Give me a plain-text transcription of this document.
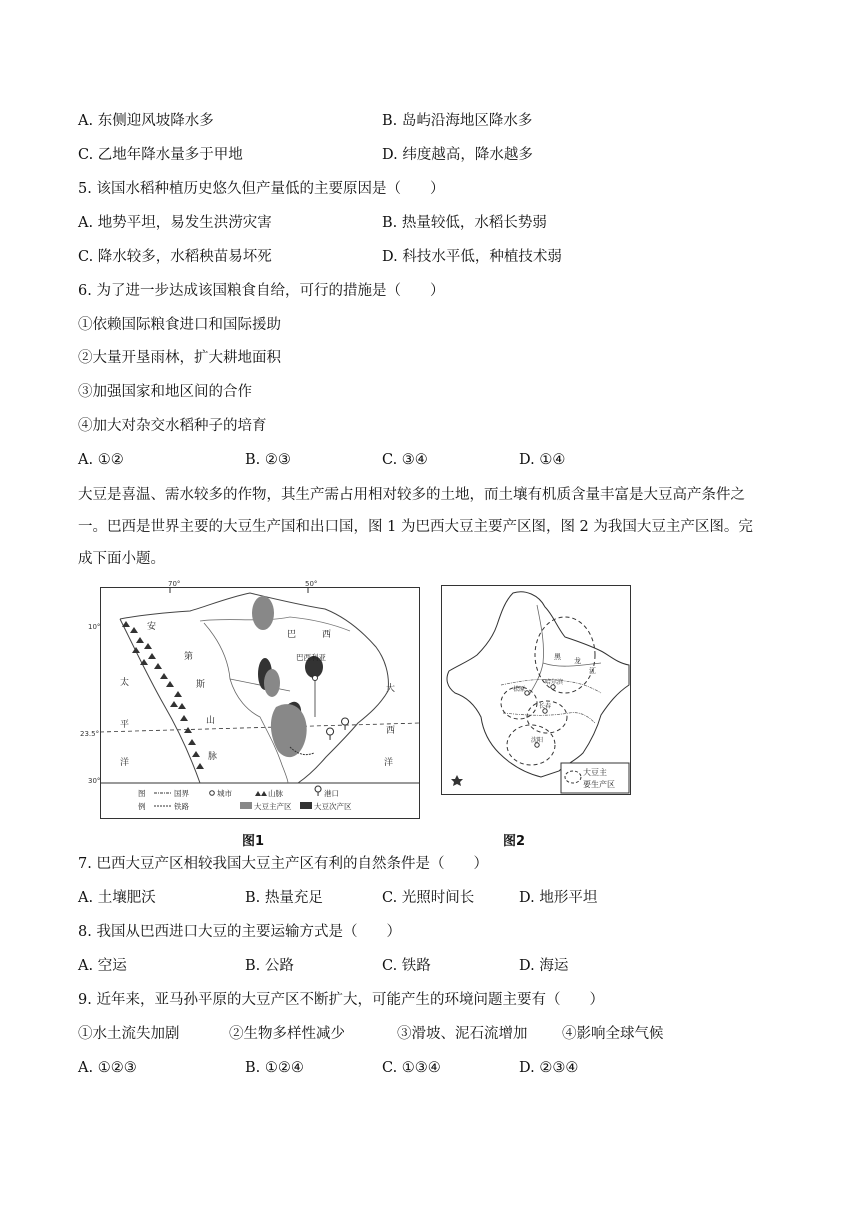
A. 东侧迎风坡降水多	B. 岛屿沿海地区降水多
C. 乙地年降水量多于甲地	D. 纬度越高，降水越多
5. 该国水稻种植历史悠久但产量低的主要原因是（　　）
A. 地势平坦，易发生洪涝灾害	B. 热量较低，水稻长势弱
C. 降水较多，水稻秧苗易坏死	D. 科技水平低，种植技术弱
6. 为了进一步达成该国粮食自给，可行的措施是（　　）
①依赖国际粮食进口和国际援助
②大量开垦雨林，扩大耕地面积
③加强国家和地区间的合作
④加大对杂交水稻种子的培育
A. ①②	B. ②③	C. ③④	D. ①④
大豆是喜温、需水较多的作物，其生产需占用相对较多的土地，而土壤有机质含量丰富是大豆高产条件之
一。巴西是世界主要的大豆生产国和出口国，图 1 为巴西大豆主要产区图，图 2 为我国大豆主产区图。完
成下面小题。
70°	50°
10°
23.5°
30°
巴西利亚
巴	西
安
第
斯
山
脉
太
平
洋
大
西
洋
图
例
国界
铁路
城市	山脉	港口
大豆主产区	大豆次产区
图1
黑 龙
江
哈尔滨
长春
松原
沈阳
大豆主
要生产区
图2
7. 巴西大豆产区相较我国大豆主产区有利的自然条件是（　　）
A. 土壤肥沃	B. 热量充足	C. 光照时间长	D. 地形平坦
8. 我国从巴西进口大豆的主要运输方式是（　　）
A. 空运	B. 公路	C. 铁路	D. 海运
9. 近年来，亚马孙平原的大豆产区不断扩大，可能产生的环境问题主要有（　　）
①水土流失加剧	②生物多样性减少	③滑坡、泥石流增加 ④影响全球气候
A. ①②③	B. ①②④	C. ①③④	D. ②③④
